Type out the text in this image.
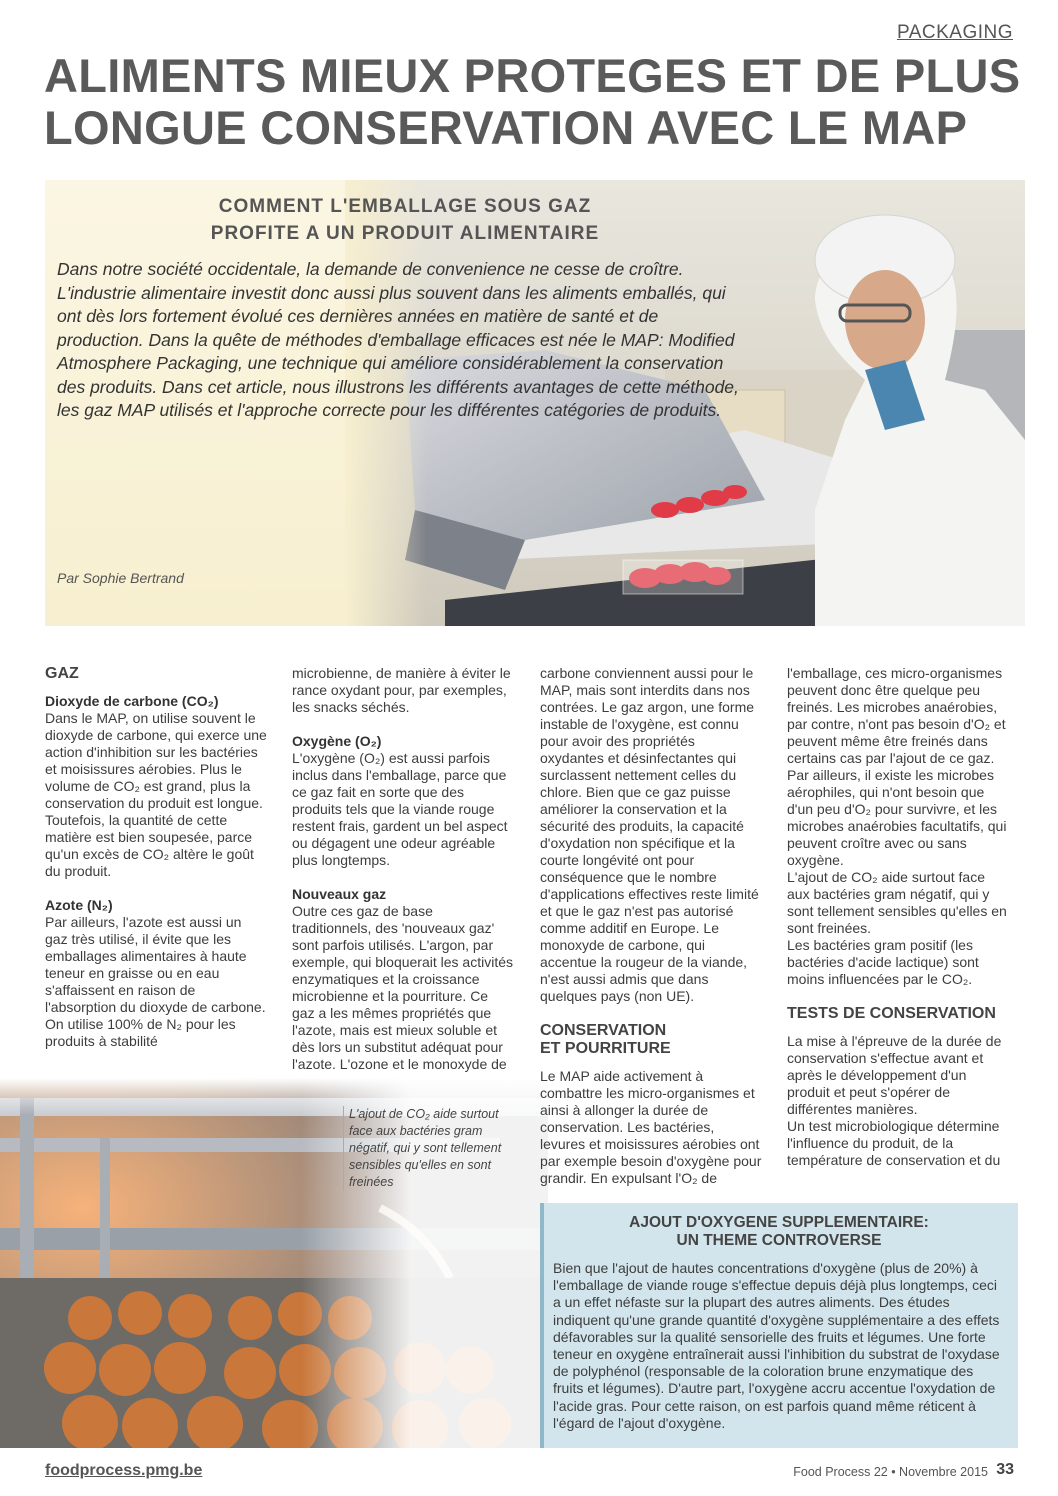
PACKAGING
ALIMENTS MIEUX PROTEGES ET DE PLUS
LONGUE CONSERVATION AVEC LE MAP
COMMENT L'EMBALLAGE SOUS GAZ
PROFITE A UN PRODUIT ALIMENTAIRE

Dans notre société occidentale, la demande de convenience ne cesse de croître. L'industrie alimentaire investit donc aussi plus souvent dans les aliments emballés, qui ont dès lors fortement évolué ces dernières années en matière de santé et de production. Dans la quête de méthodes d'emballage efficaces est née le MAP: Modified Atmosphere Packaging, une technique qui améliore considérablement la conservation des produits. Dans cet article, nous illustrons les différents avantages de cette méthode, les gaz MAP utilisés et l'approche correcte pour les différentes catégories de produits.

Par Sophie Bertrand
GAZ

Dioxyde de carbone (CO₂)

Dans le MAP, on utilise souvent le dioxyde de carbone, qui exerce une action d'inhibition sur les bactéries et moisissures aérobies. Plus le volume de CO₂ est grand, plus la conservation du produit est longue. Toutefois, la quantité de cette matière est bien soupesée, parce qu'un excès de CO₂ altère le goût du produit.

Azote (N₂)

Par ailleurs, l'azote est aussi un gaz très utilisé, il évite que les emballages alimentaires à haute teneur en graisse ou en eau s'affaissent en raison de l'absorption du dioxyde de carbone. On utilise 100% de N₂ pour les produits à stabilité

microbienne, de manière à éviter le rance oxydant pour, par exemples, les snacks séchés.

Oxygène (O₂)

L'oxygène (O₂) est aussi parfois inclus dans l'emballage, parce que ce gaz fait en sorte que des produits tels que la viande rouge restent frais, gardent un bel aspect ou dégagent une odeur agréable plus longtemps.

Nouveaux gaz

Outre ces gaz de base traditionnels, des 'nouveaux gaz' sont parfois utilisés. L'argon, par exemple, qui bloquerait les activités enzymatiques et la croissance microbienne et la pourriture. Ce gaz a les mêmes propriétés que l'azote, mais est mieux soluble et dès lors un substitut adéquat pour l'azote. L'ozone et le monoxyde de

L'ajout de CO₂ aide surtout face aux bactéries gram négatif, qui y sont tellement sensibles qu'elles en sont freinées

carbone conviennent aussi pour le MAP, mais sont interdits dans nos contrées. Le gaz argon, une forme instable de l'oxygène, est connu pour avoir des propriétés oxydantes et désinfectantes qui surclassent nettement celles du chlore. Bien que ce gaz puisse améliorer la conservation et la sécurité des produits, la capacité d'oxydation non spécifique et la courte longévité ont pour conséquence que le nombre d'applications effectives reste limité et que le gaz n'est pas autorisé comme additif en Europe. Le monoxyde de carbone, qui accentue la rougeur de la viande, n'est aussi admis que dans quelques pays (non UE).

CONSERVATION
ET POURRITURE

Le MAP aide activement à combattre les micro-organismes et ainsi à allonger la durée de conservation. Les bactéries, levures et moisissures aérobies ont par exemple besoin d'oxygène pour grandir. En expulsant l'O₂ de

l'emballage, ces micro-organismes peuvent donc être quelque peu freinés. Les microbes anaérobies, par contre, n'ont pas besoin d'O₂ et peuvent même être freinés dans certains cas par l'ajout de ce gaz. Par ailleurs, il existe les microbes aérophiles, qui n'ont besoin que d'un peu d'O₂ pour survivre, et les microbes anaérobies facultatifs, qui peuvent croître avec ou sans oxygène.

L'ajout de CO₂ aide surtout face aux bactéries gram négatif, qui y sont tellement sensibles qu'elles en sont freinées.

Les bactéries gram positif (les bactéries d'acide lactique) sont moins influencées par le CO₂.

TESTS DE CONSERVATION

La mise à l'épreuve de la durée de conservation s'effectue avant et après le développement d'un produit et peut s'opérer de différentes manières.

Un test microbiologique détermine l'influence du produit, de la température de conservation et du

AJOUT D'OXYGENE SUPPLEMENTAIRE:
UN THEME CONTROVERSE

Bien que l'ajout de hautes concentrations d'oxygène (plus de 20%) à l'emballage de viande rouge s'effectue depuis déjà plus longtemps, ceci a un effet néfaste sur la plupart des autres aliments. Des études indiquent qu'une grande quantité d'oxygène supplémentaire a des effets défavorables sur la qualité sensorielle des fruits et légumes. Une forte teneur en oxygène entraînerait aussi l'inhibition du substrat de l'oxydase de polyphénol (responsable de la coloration brune enzymatique des fruits et légumes). D'autre part, l'oxygène accru accentue l'oxydation de l'acide gras. Pour cette raison, on est parfois quand même réticent à l'égard de l'ajout d'oxygène.

foodprocess.pmg.be	Food Process 22 • Novembre 2015 33
